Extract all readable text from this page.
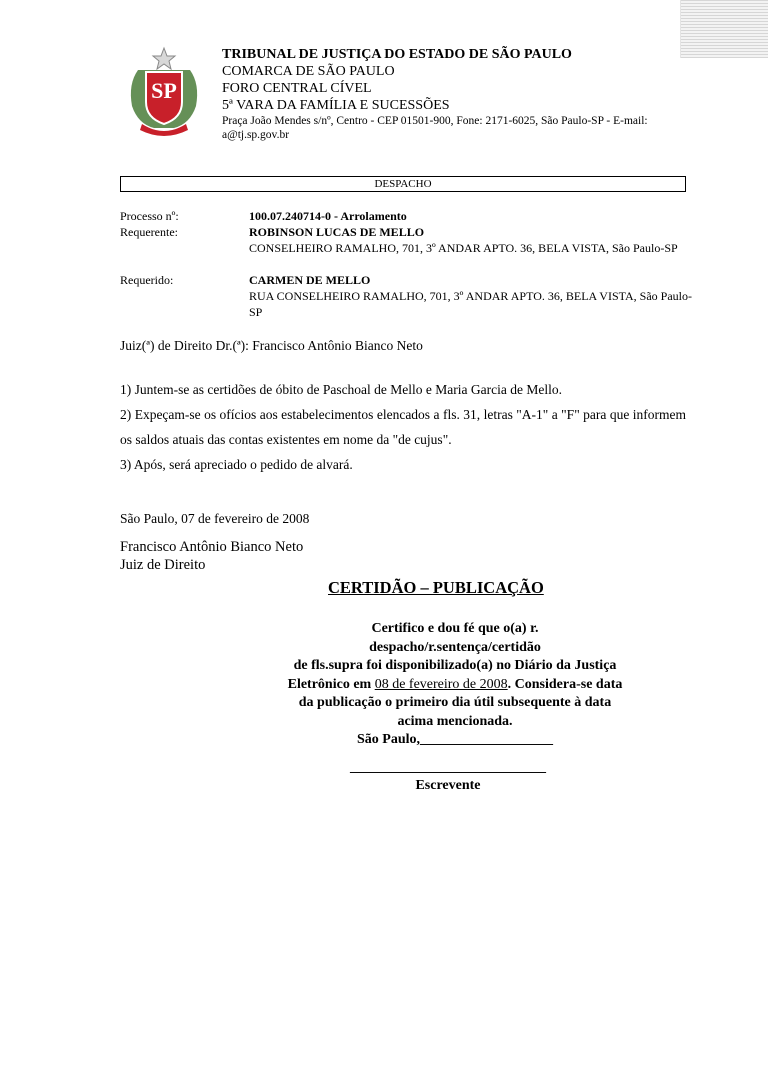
SP
TRIBUNAL DE JUSTIÇA DO ESTADO DE SÃO PAULO
COMARCA DE SÃO PAULO
FORO CENTRAL CÍVEL
5ª VARA DA FAMÍLIA E SUCESSÕES
Praça João Mendes s/nº, Centro - CEP 01501-900, Fone: 2171-6025, São Paulo-SP - E-mail:
a@tj.sp.gov.br
DESPACHO
Processo nº:	100.07.240714-0 - Arrolamento
Requerente:	ROBINSON LUCAS DE MELLO
CONSELHEIRO RAMALHO, 701, 3º ANDAR APTO. 36, BELA VISTA, São Paulo-SP
Requerido:	CARMEN DE MELLO
RUA CONSELHEIRO RAMALHO, 701, 3º ANDAR APTO. 36, BELA VISTA, São Paulo-SP
Juiz(ª) de Direito Dr.(ª): Francisco Antônio Bianco Neto
1) Juntem-se as certidões de óbito de Paschoal de Mello e Maria Garcia de Mello.
2) Expeçam-se os ofícios aos estabelecimentos elencados a fls. 31, letras "A-1" a "F" para que informem os saldos atuais das contas existentes em nome da "de cujus".
3) Após, será apreciado o pedido de alvará.
São Paulo, 07 de fevereiro de 2008
Francisco Antônio Bianco Neto
Juiz de Direito
CERTIDÃO – PUBLICAÇÃO
Certifico e dou fé que o(a) r.
despacho/r.sentença/certidão
de fls.supra foi disponibilizado(a) no Diário da Justiça
Eletrônico em 08 de fevereiro de 2008. Considera-se data
da publicação o primeiro dia útil subsequente à data
acima mencionada.
São Paulo,___________________
____________________________
Escrevente
